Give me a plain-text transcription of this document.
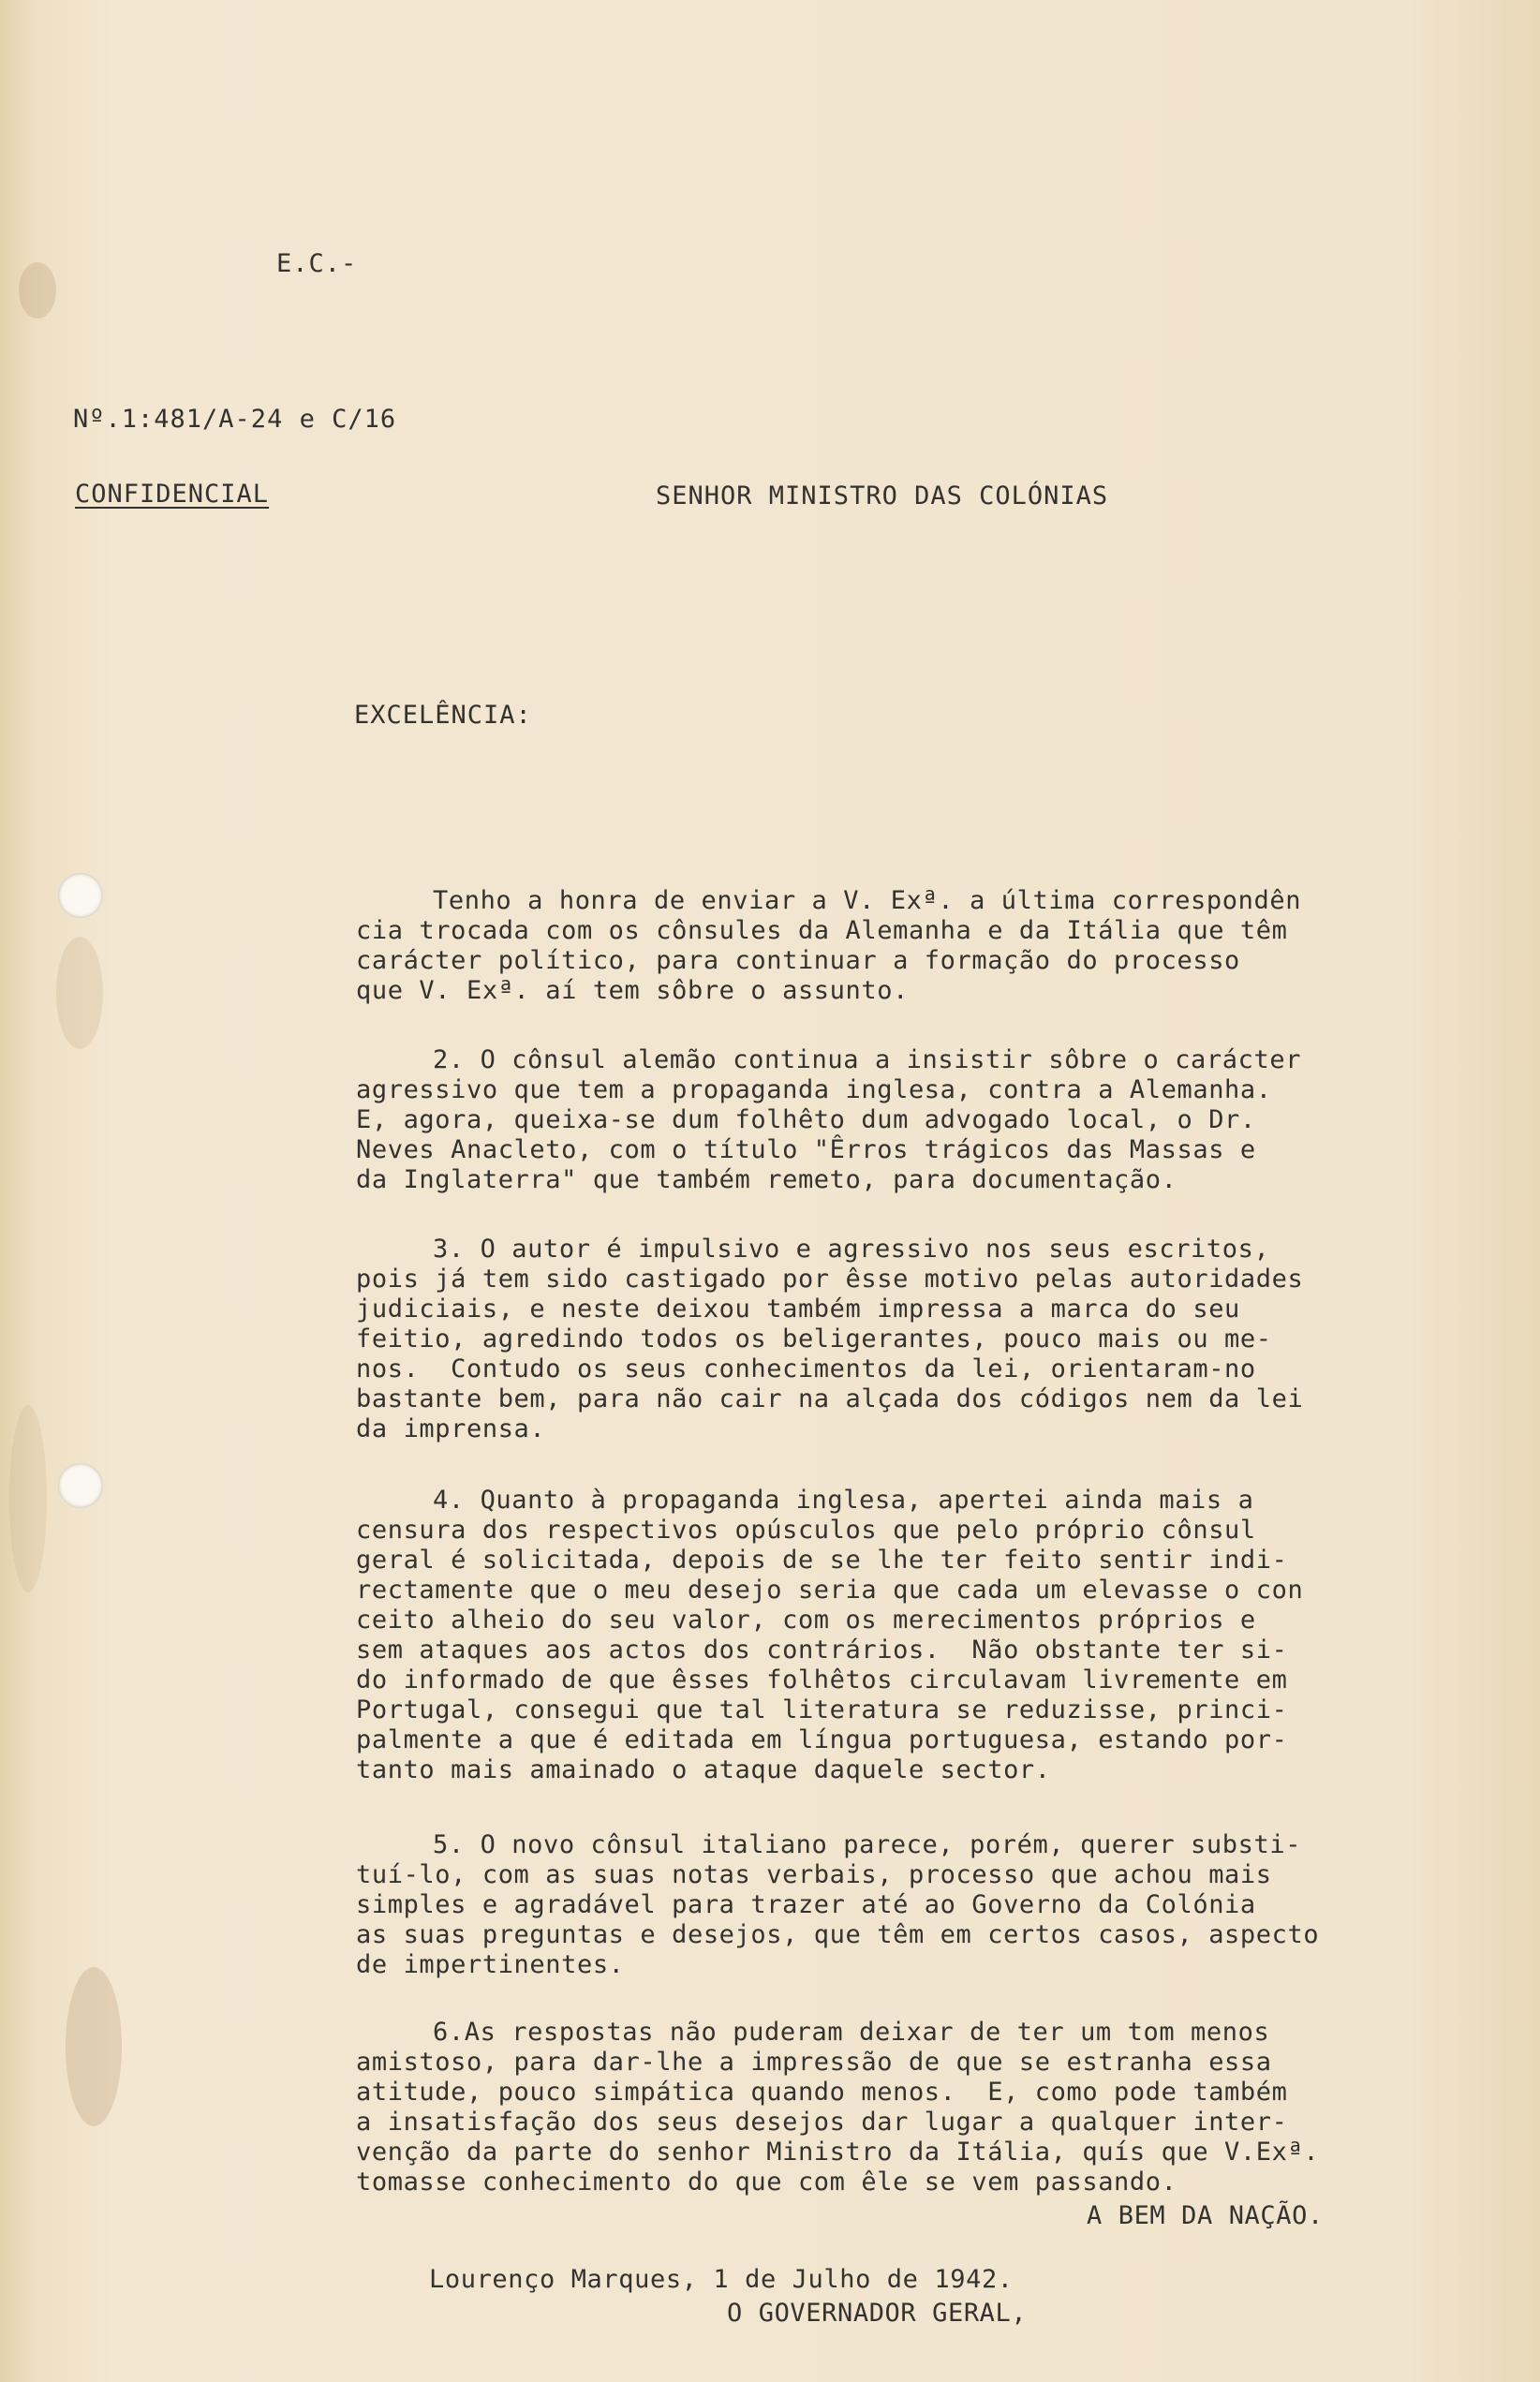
E.C.-
Nº.1:481/A-24 e C/16
CONFIDENCIAL	SENHOR MINISTRO DAS COLÓNIAS
EXCELÊNCIA:
Tenho a honra de enviar a V. Exª. a última correspondên
cia trocada com os cônsules da Alemanha e da Itália que têm
carácter político, para continuar a formação do processo
que V. Exª. aí tem sôbre o assunto.
2. O cônsul alemão continua a insistir sôbre o carácter
agressivo que tem a propaganda inglesa, contra a Alemanha.
E, agora, queixa-se dum folhêto dum advogado local, o Dr.
Neves Anacleto, com o título "Êrros trágicos das Massas e
da Inglaterra" que também remeto, para documentação.
3. O autor é impulsivo e agressivo nos seus escritos,
pois já tem sido castigado por êsse motivo pelas autoridades
judiciais, e neste deixou também impressa a marca do seu
feitio, agredindo todos os beligerantes, pouco mais ou me-
nos.  Contudo os seus conhecimentos da lei, orientaram-no
bastante bem, para não cair na alçada dos códigos nem da lei
da imprensa.
4. Quanto à propaganda inglesa, apertei ainda mais a
censura dos respectivos opúsculos que pelo próprio cônsul
geral é solicitada, depois de se lhe ter feito sentir indi-
rectamente que o meu desejo seria que cada um elevasse o con
ceito alheio do seu valor, com os merecimentos próprios e
sem ataques aos actos dos contrários.  Não obstante ter si-
do informado de que êsses folhêtos circulavam livremente em
Portugal, consegui que tal literatura se reduzisse, princi-
palmente a que é editada em língua portuguesa, estando por-
tanto mais amainado o ataque daquele sector.
5. O novo cônsul italiano parece, porém, querer substi-
tuí-lo, com as suas notas verbais, processo que achou mais
simples e agradável para trazer até ao Governo da Colónia
as suas preguntas e desejos, que têm em certos casos, aspecto
de impertinentes.
6.As respostas não puderam deixar de ter um tom menos
amistoso, para dar-lhe a impressão de que se estranha essa
atitude, pouco simpática quando menos.  E, como pode também
a insatisfação dos seus desejos dar lugar a qualquer inter-
venção da parte do senhor Ministro da Itália, quís que V.Exª.
tomasse conhecimento do que com êle se vem passando.
A BEM DA NAÇÃO.
Lourenço Marques, 1 de Julho de 1942.
O GOVERNADOR GERAL,
